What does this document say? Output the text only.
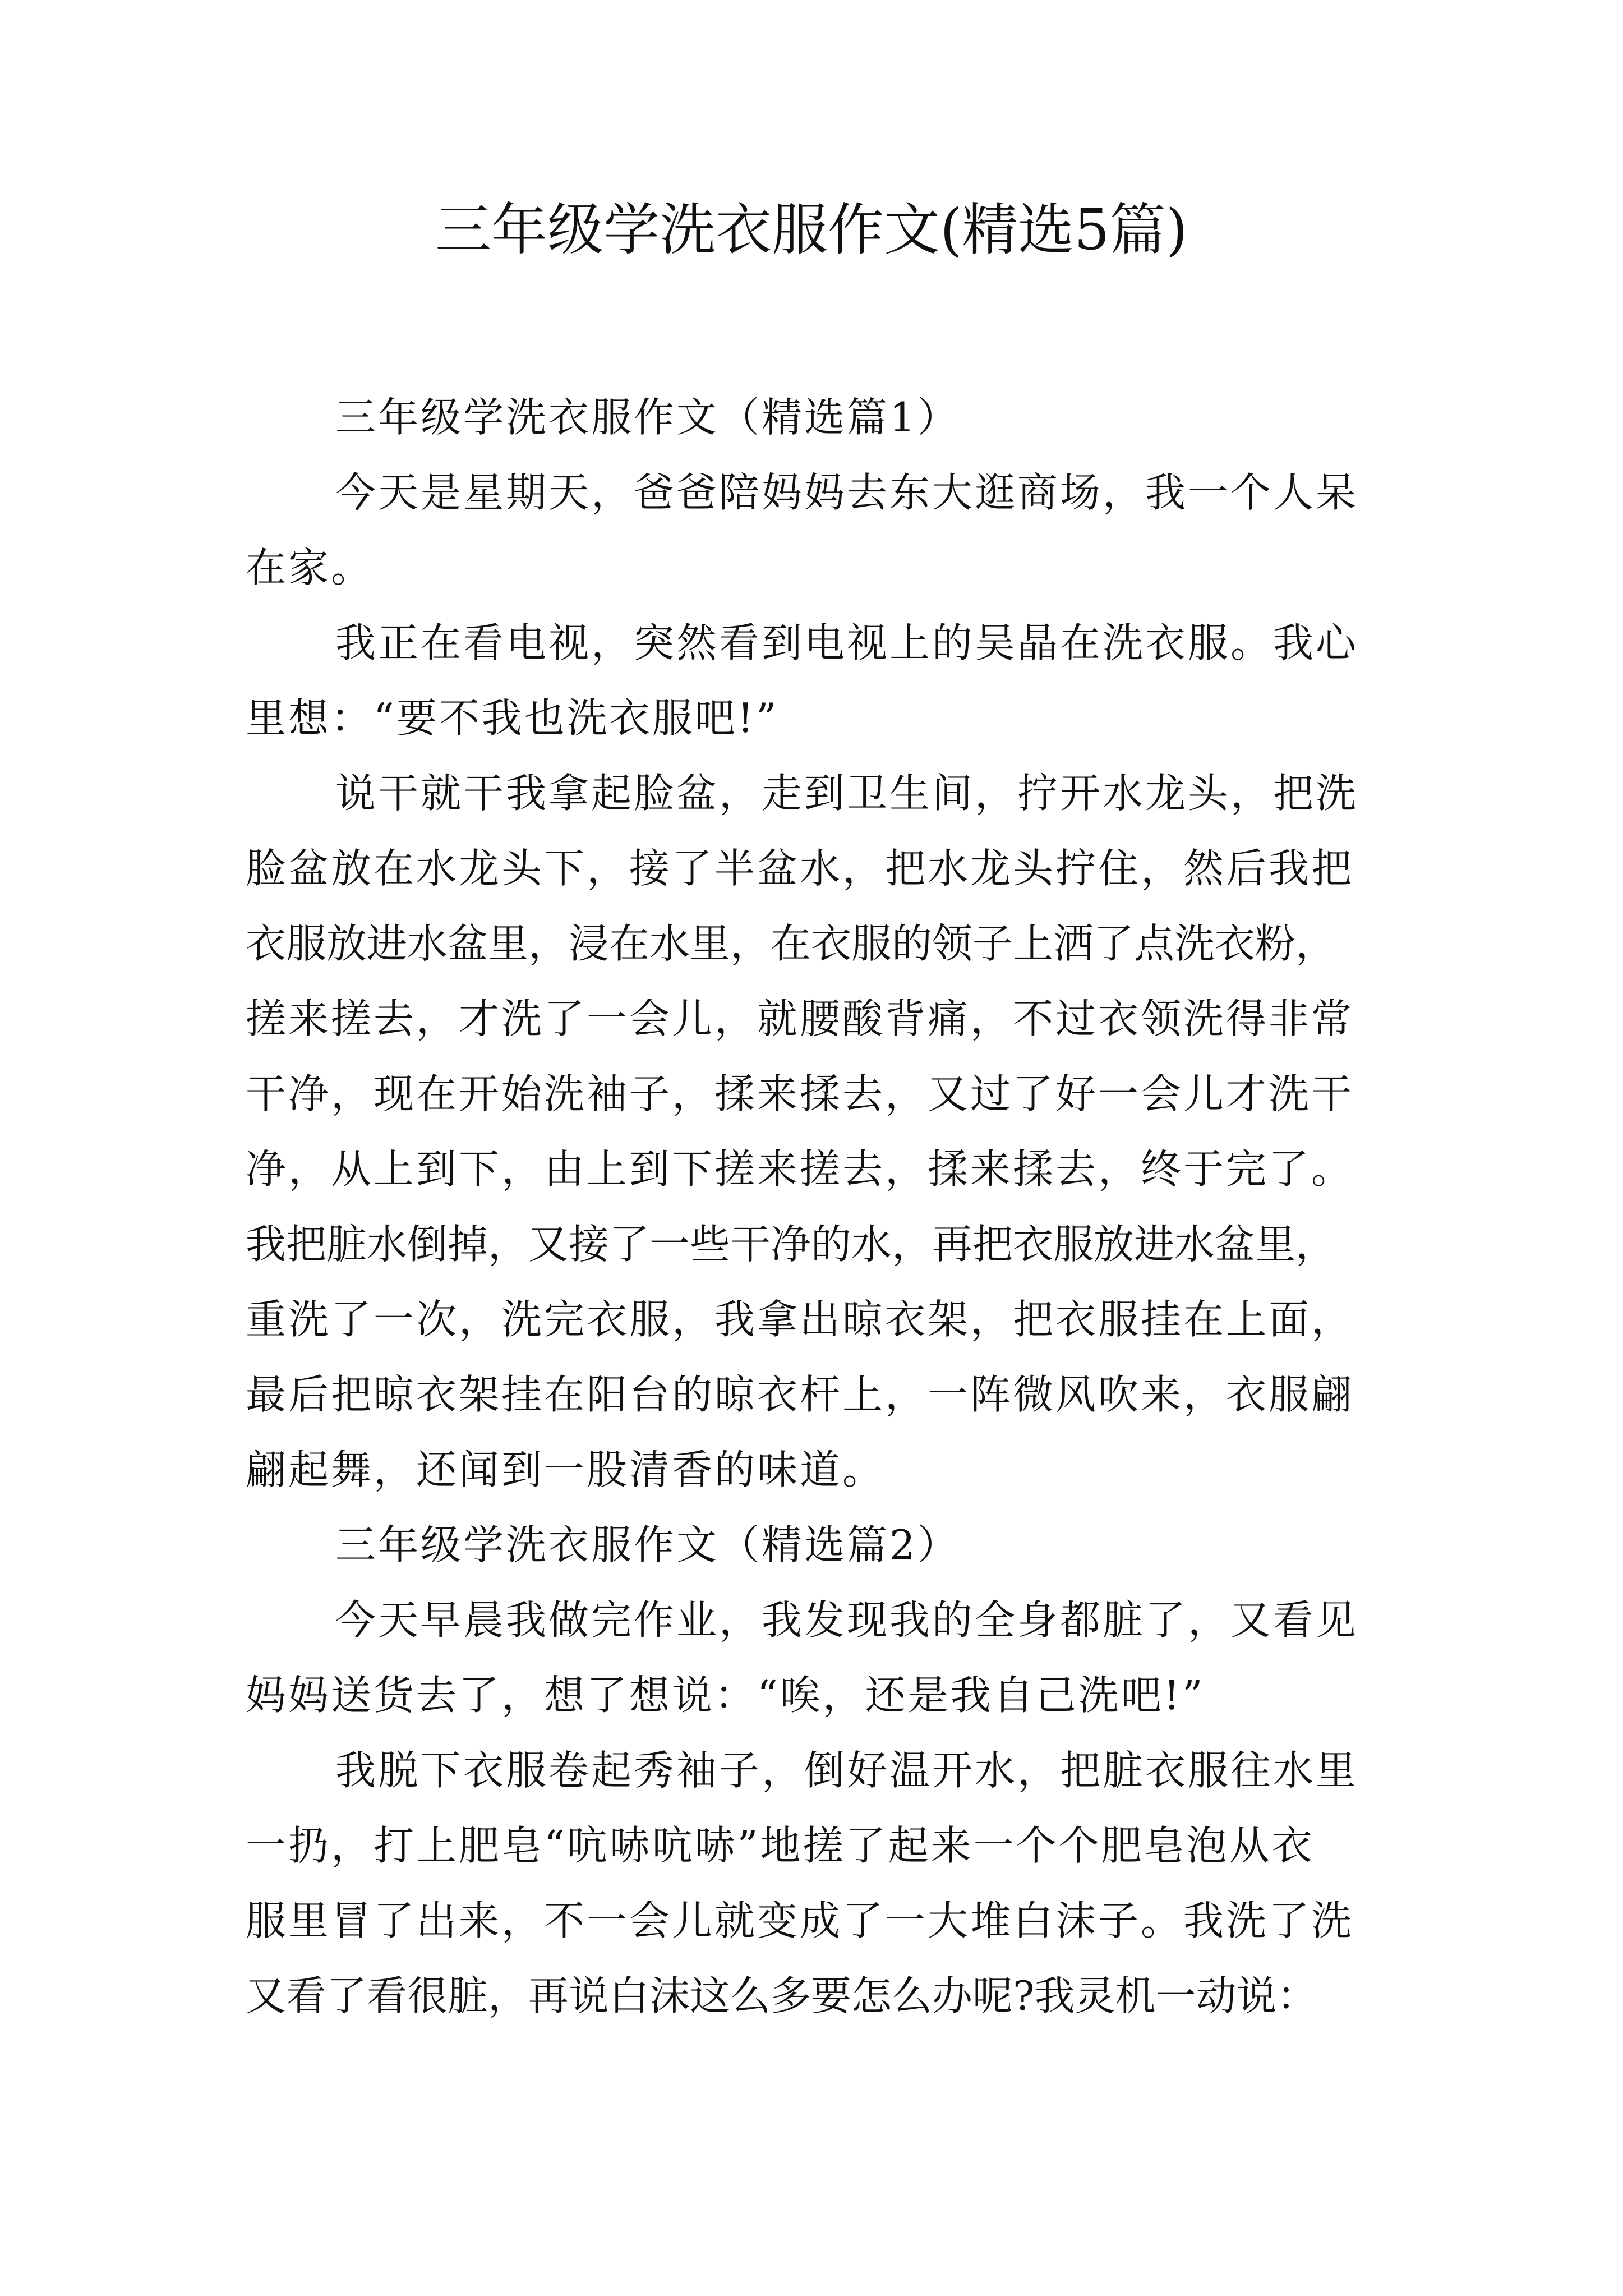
三年级学洗衣服作文(精选5篇)
三年级学洗衣服作文（精选篇1）
今天是星期天，爸爸陪妈妈去东大逛商场，我一个人呆
在家。
我正在看电视，突然看到电视上的吴晶在洗衣服。我心
里想：“要不我也洗衣服吧!”
说干就干我拿起脸盆，走到卫生间，拧开水龙头，把洗
脸盆放在水龙头下，接了半盆水，把水龙头拧住，然后我把
衣服放进水盆里，浸在水里，在衣服的领子上洒了点洗衣粉，
搓来搓去，才洗了一会儿，就腰酸背痛，不过衣领洗得非常
干净，现在开始洗袖子，揉来揉去，又过了好一会儿才洗干
净，从上到下，由上到下搓来搓去，揉来揉去，终于完了。
我把脏水倒掉，又接了一些干净的水，再把衣服放进水盆里，
重洗了一次，洗完衣服，我拿出晾衣架，把衣服挂在上面，
最后把晾衣架挂在阳台的晾衣杆上，一阵微风吹来，衣服翩
翩起舞，还闻到一股清香的味道。
三年级学洗衣服作文（精选篇2）
今天早晨我做完作业，我发现我的全身都脏了，又看见
妈妈送货去了，想了想说：“唉，还是我自己洗吧!”
我脱下衣服卷起秀袖子，倒好温开水，把脏衣服往水里
一扔，打上肥皂“吭哧吭哧”地搓了起来一个个肥皂泡从衣
服里冒了出来，不一会儿就变成了一大堆白沫子。我洗了洗
又看了看很脏，再说白沫这么多要怎么办呢?我灵机一动说：
